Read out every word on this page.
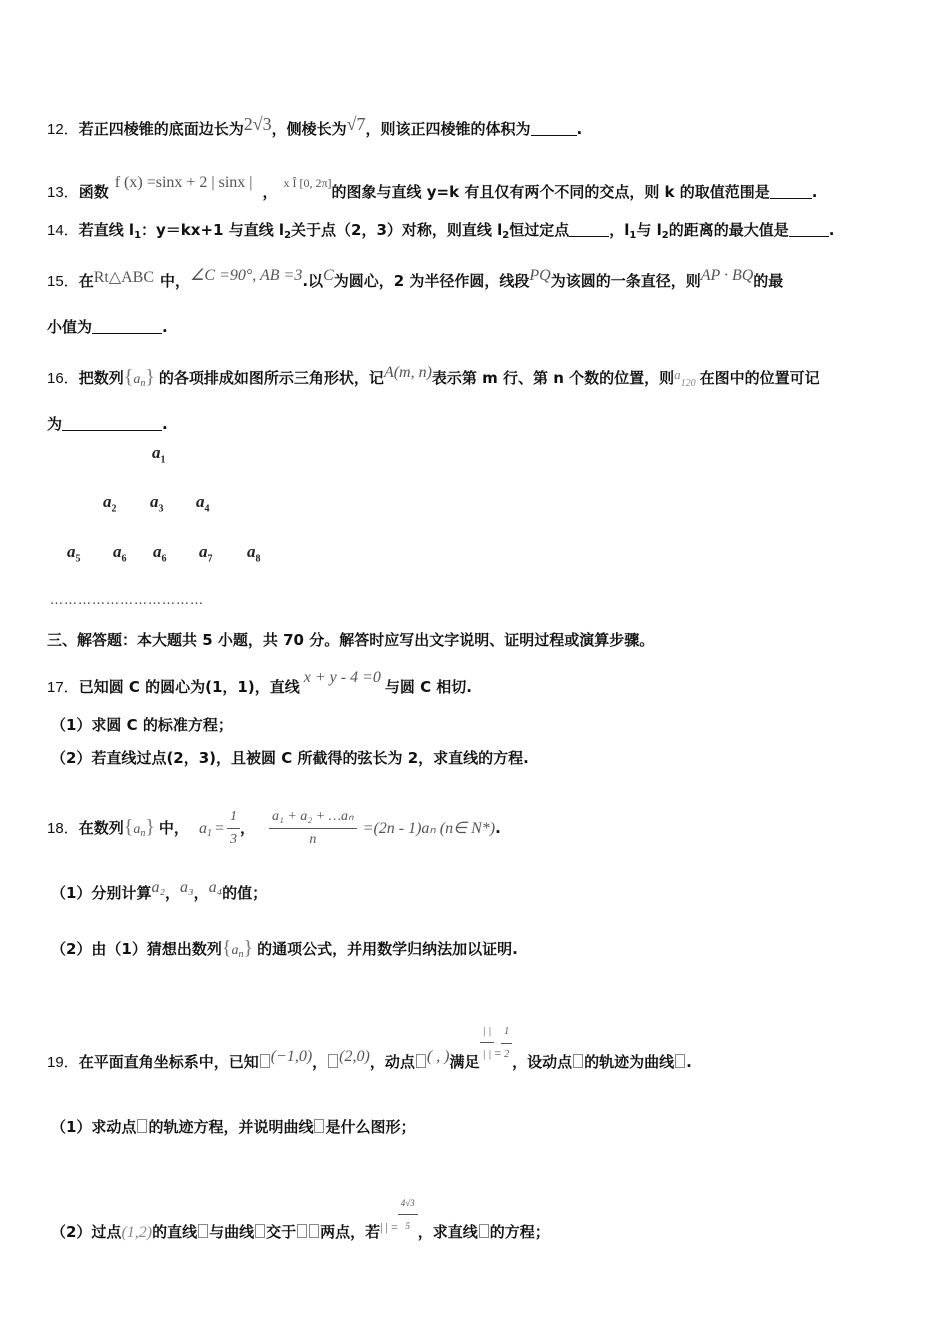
12．若正四棱锥的底面边长为2√3，侧棱长为√7，则该正四棱锥的体积为	.
13．函数f (x) =sinx + 2 | sinx |， $^{x Î [0, 2\pi]}$的图象与直线 y=k 有且仅有两个不同的交点，则 k 的取值范围是	.
14．若直线 $l_1$：y＝kx+1 与直线 $l_2$关于点（2，3）对称，则直线 $l_2$恒过定点	，$l_1$与 $l_2$的距离的最大值是	.
15．在Rt△ABC 中，∠C =90°, AB =3.以C为圆心，2 为半径作圆，线段PQ为该圆的一条直径，则AP · BQ的最
小值为	.
16．把数列$\{a_n\}$ 的各项排成如图所示三角形状，记A(m, n)表示第 m 行、第 n 个数的位置，则$a_{120}$ 在图中的位置可记
为	.
$a_1$
$a_2$ $a_3$ $a_4$
$a_5$ $a_6$ $a_6$ $a_7$ $a_8$
……………………………
三、解答题：本大题共 5 小题，共 70 分。解答时应写出文字说明、证明过程或演算步骤。
17．已知圆 C 的圆心为(1，1)，直线x + y - 4 =0与圆 C 相切.
（1）求圆 C 的标准方程；
（2）若直线过点(2，3)，且被圆 C 所截得的弦长为 2，求直线的方程.
18．在数列$\{a_n\}$ 中， $a_1 = \frac{1}{3}$ ， $\frac{\text{a₁ + a₂ + …aₙ}}{n} =(2n - 1)a_n$ (n∈ N*).
（1）分别计算a₂，a₃，a₄的值；
（2）由（1）猜想出数列$\{a_n\}$ 的通项公式，并用数学归纳法加以证明.
19．在平面直角坐标系中，已知 (−1,0)， (2,0)，动点 ( , )满足 $\frac{| |}{| |} ^= \frac{1}{2}$ ，设动点 的轨迹为曲线 .
（1）求动点 的轨迹方程，并说明曲线 是什么图形；
（2）过点(1,2)的直线 与曲线 交于 两点，若$^{| | =} \frac{4√3}{5}$ ，求直线 的方程；
